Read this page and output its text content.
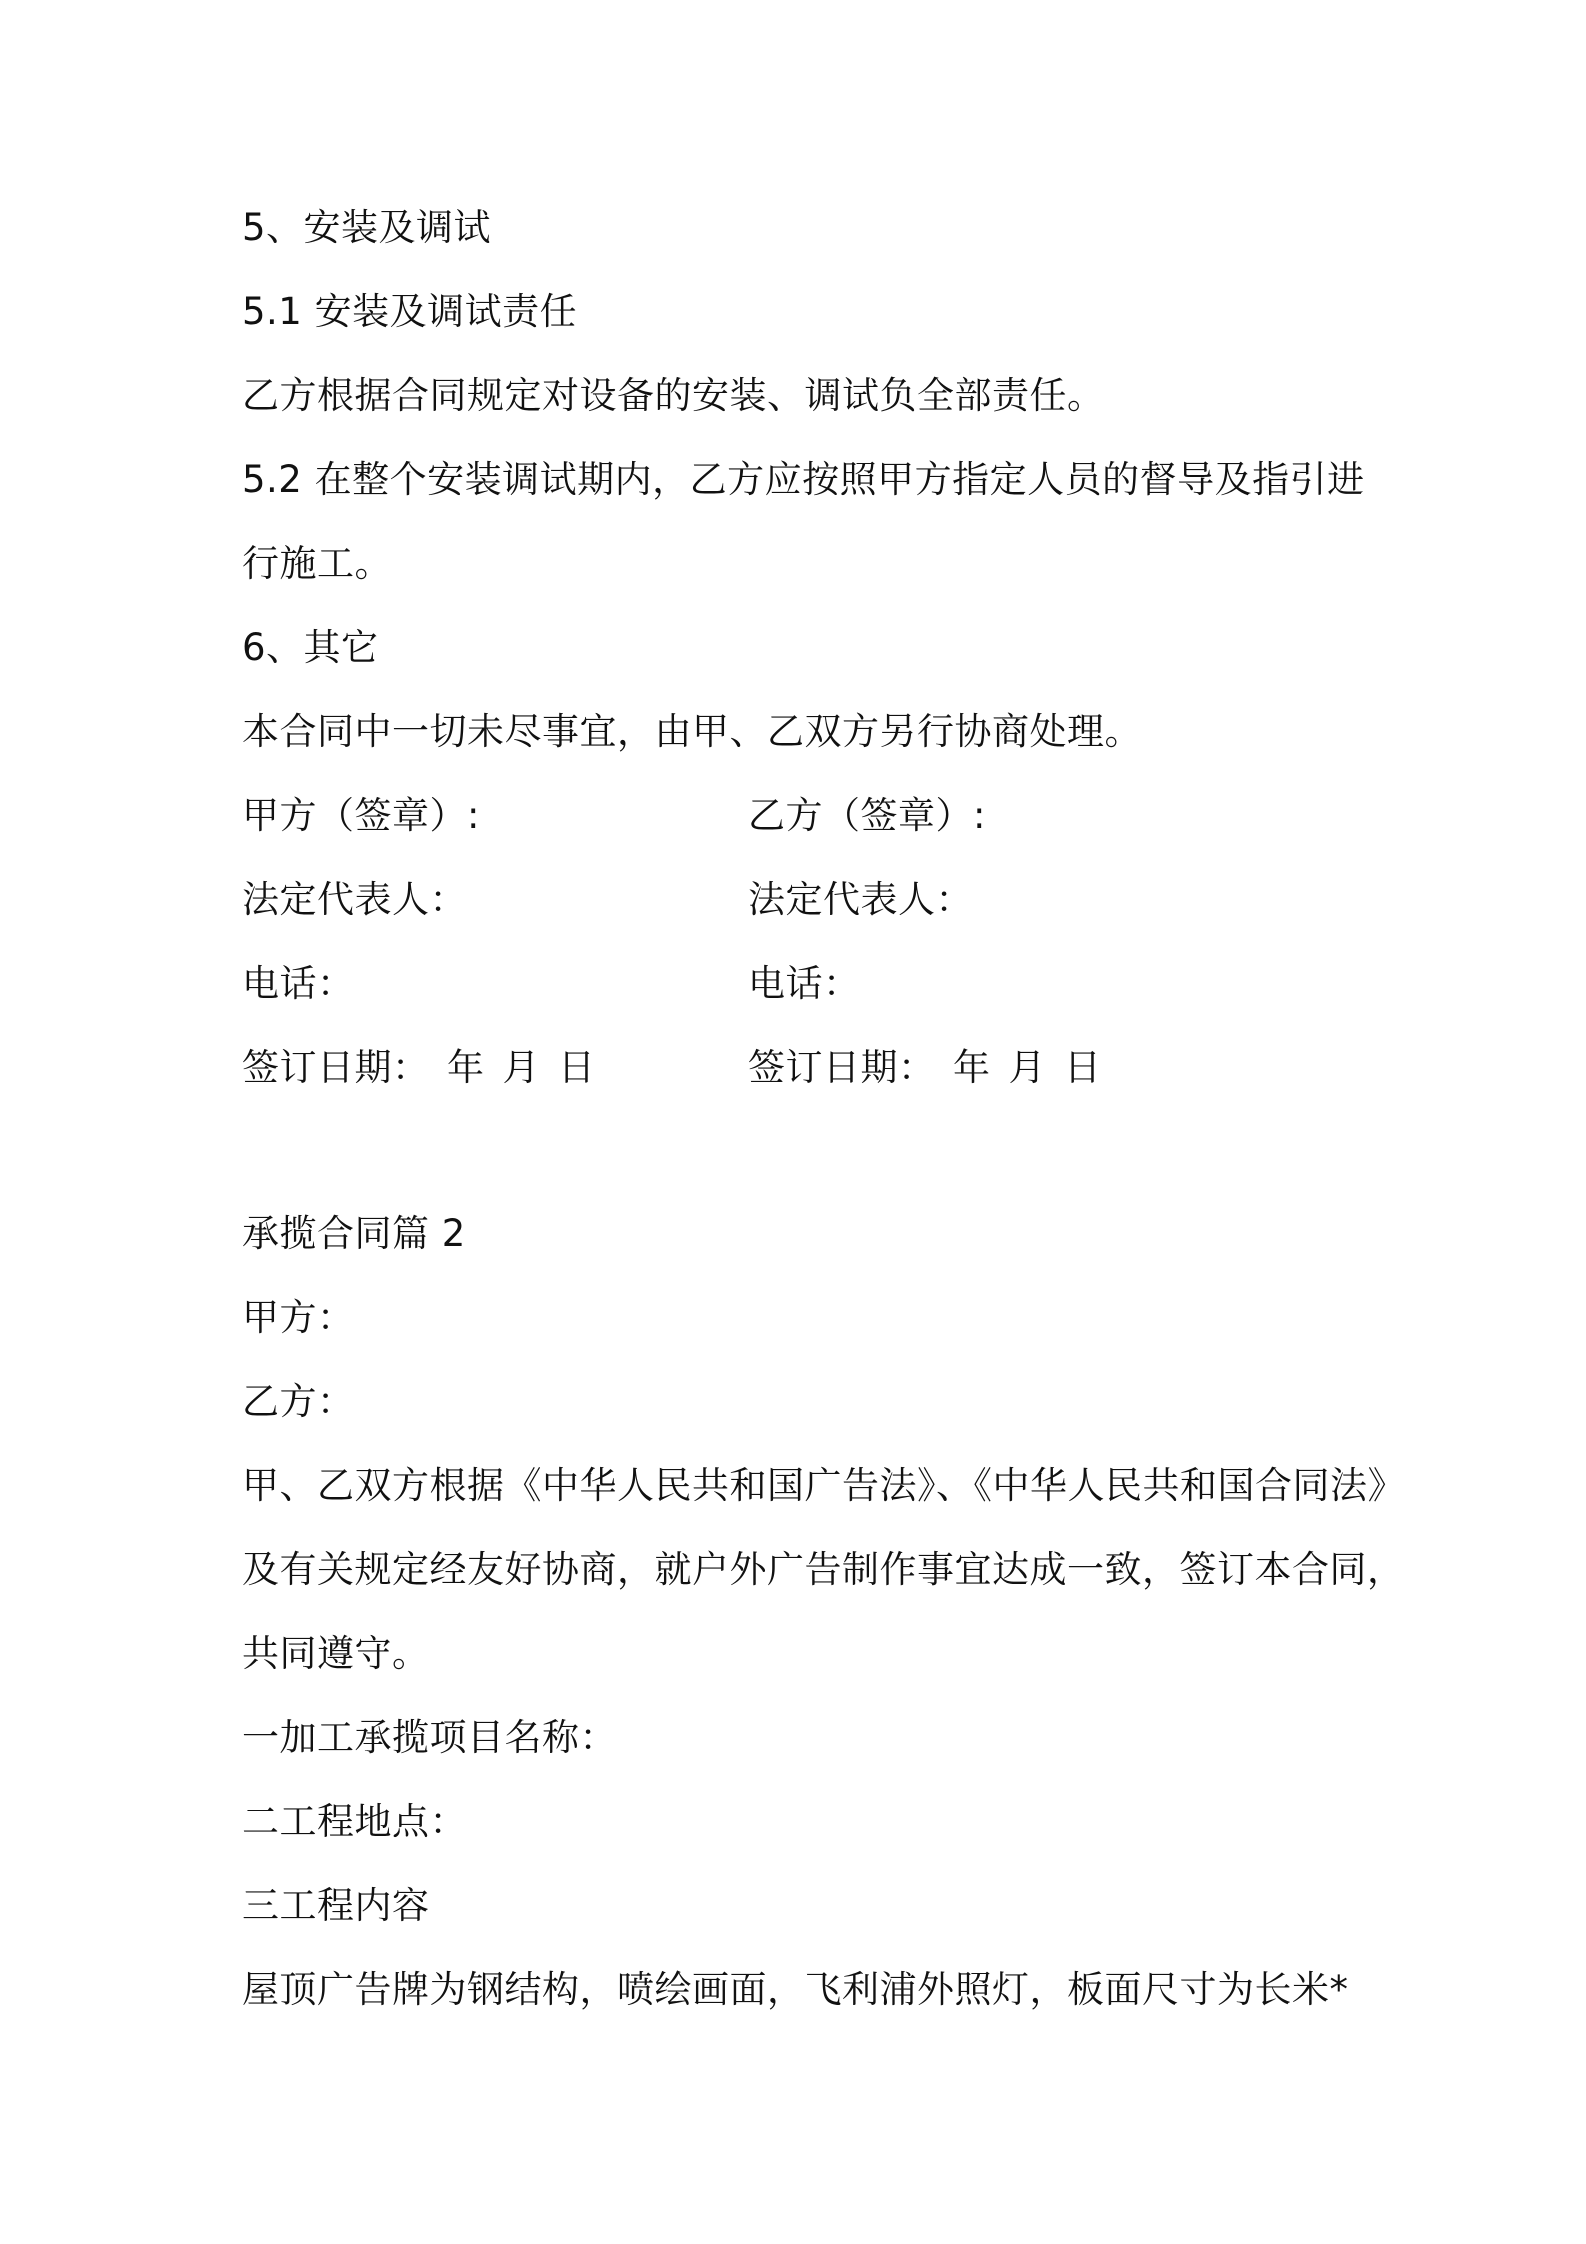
5、安装及调试
5.1 安装及调试责任
乙方根据合同规定对设备的安装、调试负全部责任。
5.2 在整个安装调试期内，乙方应按照甲方指定人员的督导及指引进
行施工。
6、其它
本合同中一切未尽事宜，由甲、乙双方另行协商处理。
甲方（签章）:	乙方（签章）:
法定代表人：	法定代表人：
电话：	电话：
签订日期： 年 月 日	签订日期： 年 月 日
承揽合同篇 2
甲方：
乙方：
甲、乙双方根据《中华人民共和国广告法》、《中华人民共和国合同法》
及有关规定经友好协商，就户外广告制作事宜达成一致，签订本合同，
共同遵守。
一加工承揽项目名称：
二工程地点：
三工程内容
屋顶广告牌为钢结构，喷绘画面，飞利浦外照灯，板面尺寸为长米*
